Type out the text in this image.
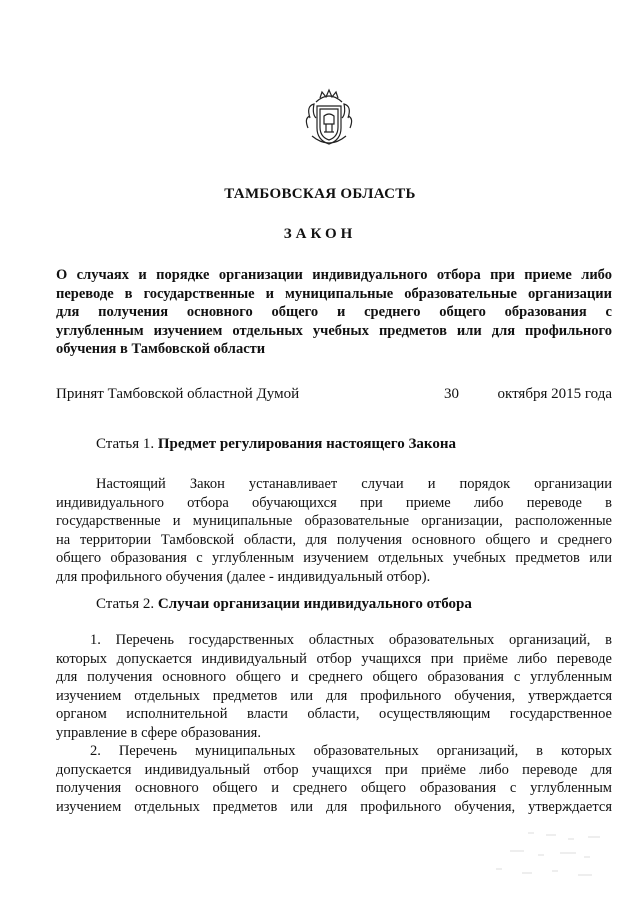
ТАМБОВСКАЯ ОБЛАСТЬ
ЗАКОН
О случаях и порядке организации индивидуального отбора при приеме либо
переводе в государственные и муниципальные образовательные организации
для получения основного общего и среднего общего образования с
углубленным изучением отдельных учебных предметов или для профильного
обучения в Тамбовской области
Принят Тамбовской областной Думой	30	октября 2015 года
Статья 1. Предмет регулирования настоящего Закона
Настоящий Закон устанавливает случаи и порядок организации
индивидуального отбора обучающихся при приеме либо переводе в
государственные и муниципальные образовательные организации, расположенные
на территории Тамбовской области, для получения основного общего и среднего
общего образования с углубленным изучением отдельных учебных предметов или
для профильного обучения (далее - индивидуальный отбор).
Статья 2. Случаи организации индивидуального отбора
1. Перечень государственных областных образовательных организаций, в
которых допускается индивидуальный отбор учащихся при приёме либо переводе
для получения основного общего и среднего общего образования с углубленным
изучением отдельных предметов или для профильного обучения, утверждается
органом исполнительной власти области, осуществляющим государственное
управление в сфере образования.
2. Перечень муниципальных образовательных организаций, в которых
допускается индивидуальный отбор учащихся при приёме либо переводе для
получения основного общего и среднего общего образования с углубленным
изучением отдельных предметов или для профильного обучения, утверждается
